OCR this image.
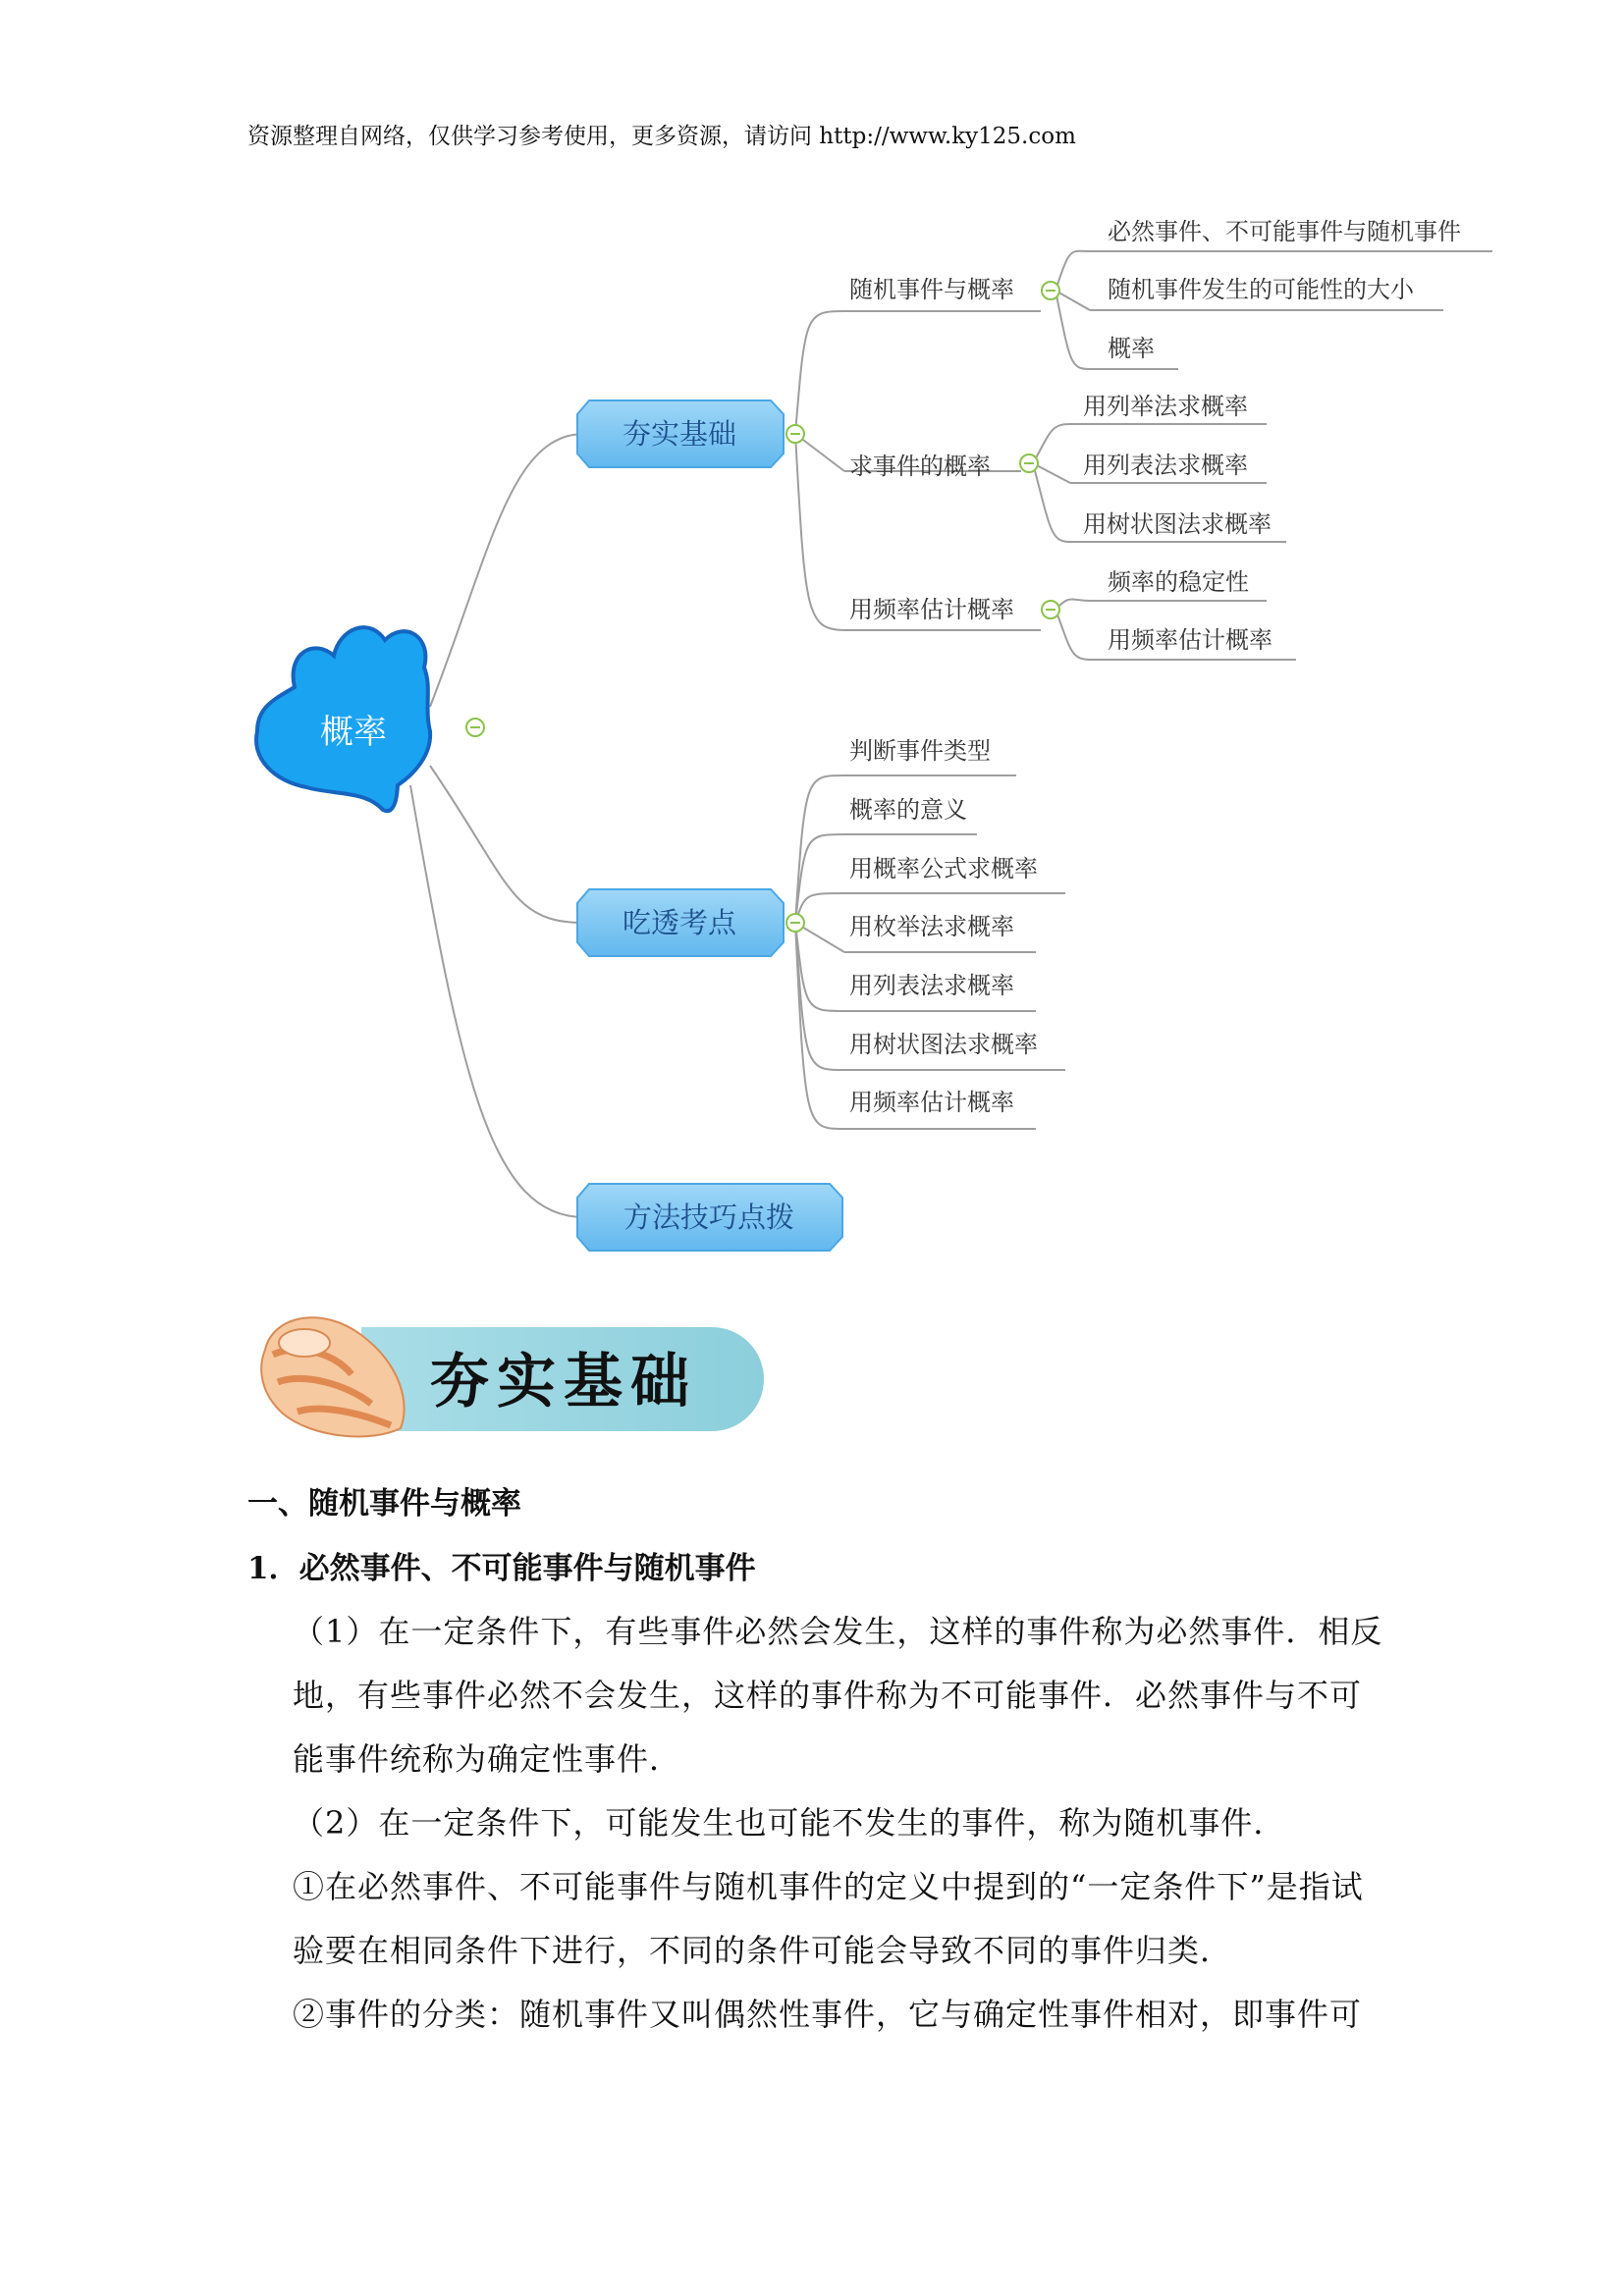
资源整理自网络，仅供学习参考使用，更多资源，请访问 http://www.ky125.com
概率
夯实基础
吃透考点
方法技巧点拨
随机事件与概率
求事件的概率
用频率估计概率
必然事件、不可能事件与随机事件
随机事件发生的可能性的大小
概率
用列举法求概率
用列表法求概率
用树状图法求概率
频率的稳定性
用频率估计概率
判断事件类型
概率的意义
用概率公式求概率
用枚举法求概率
用列表法求概率
用树状图法求概率
用频率估计概率
夯实基础
一、随机事件与概率
1．必然事件、不可能事件与随机事件

（1）在一定条件下，有些事件必然会发生，这样的事件称为必然事件．相反
地，有些事件必然不会发生，这样的事件称为不可能事件．必然事件与不可
能事件统称为确定性事件．

（2）在一定条件下，可能发生也可能不发生的事件，称为随机事件．

①在必然事件、不可能事件与随机事件的定义中提到的“一定条件下”是指试
验要在相同条件下进行，不同的条件可能会导致不同的事件归类．

②事件的分类：随机事件又叫偶然性事件，它与确定性事件相对，即事件可
